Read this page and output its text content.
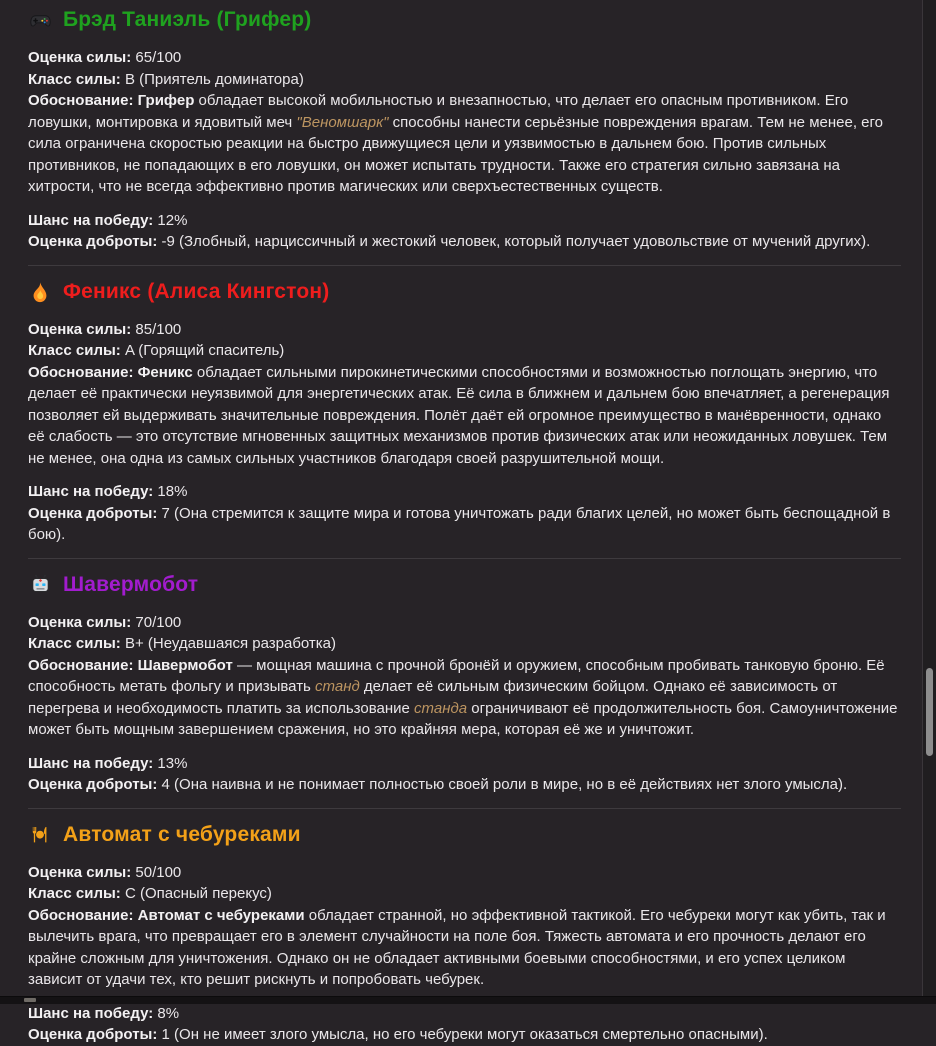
Брэд Таниэль (Грифер)

Оценка силы: 65/100
Класс силы: B (Приятель доминатора)
Обоснование: Грифер обладает высокой мобильностью и внезапностью, что делает его опасным противником. Его ловушки, монтировка и ядовитый меч "Веномшарк" способны нанести серьёзные повреждения врагам. Тем не менее, его сила ограничена скоростью реакции на быстро движущиеся цели и уязвимостью в дальнем бою. Против сильных противников, не попадающих в его ловушки, он может испытать трудности. Также его стратегия сильно завязана на хитрости, что не всегда эффективно против магических или сверхъестественных существ.

Шанс на победу: 12%
Оценка доброты: -9 (Злобный, нарциссичный и жестокий человек, который получает удовольствие от мучений других).

Феникс (Алиса Кингстон)

Оценка силы: 85/100
Класс силы: A (Горящий спаситель)
Обоснование: Феникс обладает сильными пирокинетическими способностями и возможностью поглощать энергию, что делает её практически неуязвимой для энергетических атак. Её сила в ближнем и дальнем бою впечатляет, а регенерация позволяет ей выдерживать значительные повреждения. Полёт даёт ей огромное преимущество в манёвренности, однако её слабость — это отсутствие мгновенных защитных механизмов против физических атак или неожиданных ловушек. Тем не менее, она одна из самых сильных участников благодаря своей разрушительной мощи.

Шанс на победу: 18%
Оценка доброты: 7 (Она стремится к защите мира и готова уничтожать ради благих целей, но может быть беспощадной в бою).

Шавермобот

Оценка силы: 70/100
Класс силы: B+ (Неудавшаяся разработка)
Обоснование: Шавермобот — мощная машина с прочной бронёй и оружием, способным пробивать танковую броню. Её способность метать фольгу и призывать станд делает её сильным физическим бойцом. Однако её зависимость от перегрева и необходимость платить за использование станда ограничивают её продолжительность боя. Самоуничтожение может быть мощным завершением сражения, но это крайняя мера, которая её же и уничтожит.

Шанс на победу: 13%
Оценка доброты: 4 (Она наивна и не понимает полностью своей роли в мире, но в её действиях нет злого умысла).

Автомат с чебуреками

Оценка силы: 50/100
Класс силы: C (Опасный перекус)
Обоснование: Автомат с чебуреками обладает странной, но эффективной тактикой. Его чебуреки могут как убить, так и вылечить врага, что превращает его в элемент случайности на поле боя. Тяжесть автомата и его прочность делают его крайне сложным для уничтожения. Однако он не обладает активными боевыми способностями, и его успех целиком зависит от удачи тех, кто решит рискнуть и попробовать чебурек.

Шанс на победу: 8%
Оценка доброты: 1 (Он не имеет злого умысла, но его чебуреки могут оказаться смертельно опасными).
